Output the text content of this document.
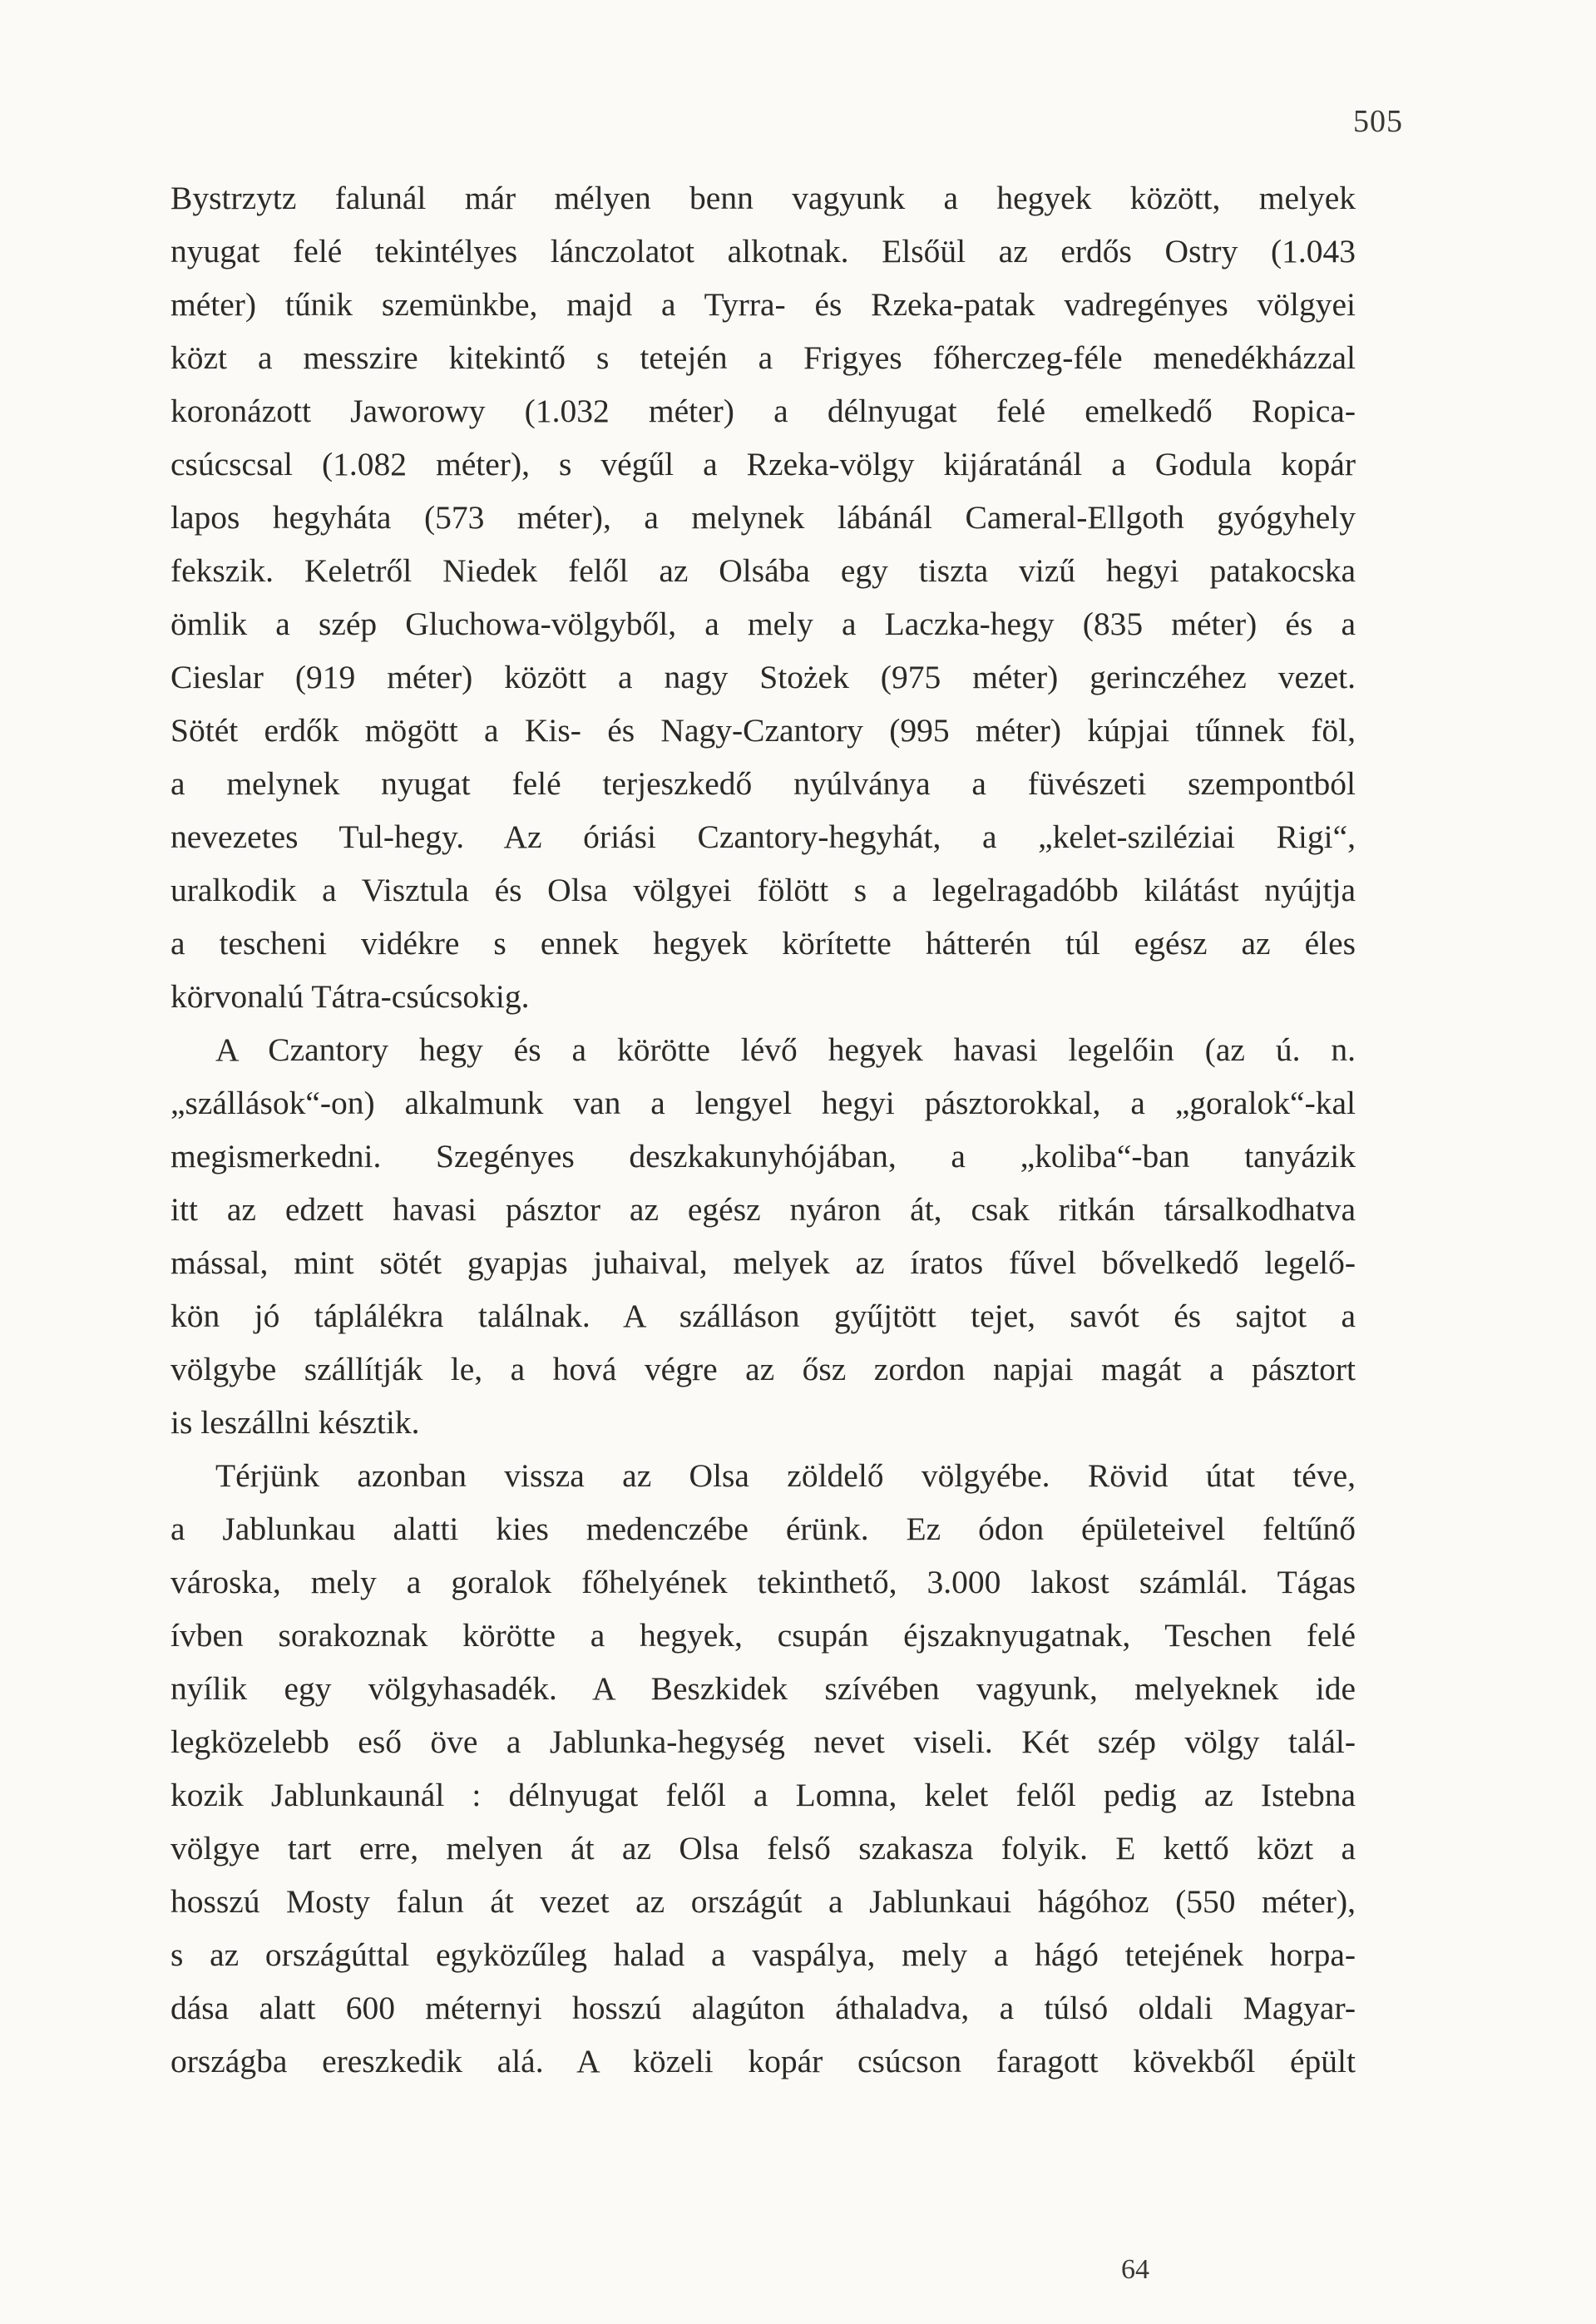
505
Bystrzytz falunál már mélyen benn vagyunk a hegyek között, melyek
nyugat felé tekintélyes lánczolatot alkotnak. Elsőül az erdős Ostry (1.043
méter) tűnik szemünkbe, majd a Tyrra- és Rzeka-patak vadregényes völgyei
közt a messzire kitekintő s tetején a Frigyes főherczeg-féle menedékházzal
koronázott Jaworowy (1.032 méter) a délnyugat felé emelkedő Ropica-
csúcscsal (1.082 méter), s végűl a Rzeka-völgy kijáratánál a Godula kopár
lapos hegyháta (573 méter), a melynek lábánál Cameral-Ellgoth gyógyhely
fekszik. Keletről Niedek felől az Olsába egy tiszta vizű hegyi patakocska
ömlik a szép Gluchowa-völgyből, a mely a Laczka-hegy (835 méter) és a
Cieslar (919 méter) között a nagy Stożek (975 méter) gerinczéhez vezet.
Sötét erdők mögött a Kis- és Nagy-Czantory (995 méter) kúpjai tűnnek föl,
a melynek nyugat felé terjeszkedő nyúlványa a füvészeti szempontból
nevezetes Tul-hegy. Az óriási Czantory-hegyhát, a „kelet-sziléziai Rigi“,
uralkodik a Visztula és Olsa völgyei fölött s a legelragadóbb kilátást nyújtja
a tescheni vidékre s ennek hegyek körítette hátterén túl egész az éles
körvonalú Tátra-csúcsokig.
A Czantory hegy és a körötte lévő hegyek havasi legelőin (az ú. n.
„szállások“-on) alkalmunk van a lengyel hegyi pásztorokkal, a „goralok“-kal
megismerkedni. Szegényes deszkakunyhójában, a „koliba“-ban tanyázik
itt az edzett havasi pásztor az egész nyáron át, csak ritkán társalkodhatva
mással, mint sötét gyapjas juhaival, melyek az íratos fűvel bővelkedő legelő-
kön jó táplálékra találnak. A szálláson gyűjtött tejet, savót és sajtot a
völgybe szállítják le, a hová végre az ősz zordon napjai magát a pásztort
is leszállni késztik.
Térjünk azonban vissza az Olsa zöldelő völgyébe. Rövid útat téve,
a Jablunkau alatti kies medenczébe érünk. Ez ódon épületeivel feltűnő
városka, mely a goralok főhelyének tekinthető, 3.000 lakost számlál. Tágas
ívben sorakoznak körötte a hegyek, csupán éjszaknyugatnak, Teschen felé
nyílik egy völgyhasadék. A Beszkidek szívében vagyunk, melyeknek ide
legközelebb eső öve a Jablunka-hegység nevet viseli. Két szép völgy talál-
kozik Jablunkaunál : délnyugat felől a Lomna, kelet felől pedig az Istebna
völgye tart erre, melyen át az Olsa felső szakasza folyik. E kettő közt a
hosszú Mosty falun át vezet az országút a Jablunkaui hágóhoz (550 méter),
s az országúttal egyközűleg halad a vaspálya, mely a hágó tetejének horpa-
dása alatt 600 méternyi hosszú alagúton áthaladva, a túlsó oldali Magyar-
országba ereszkedik alá. A közeli kopár csúcson faragott kövekből épült
64
